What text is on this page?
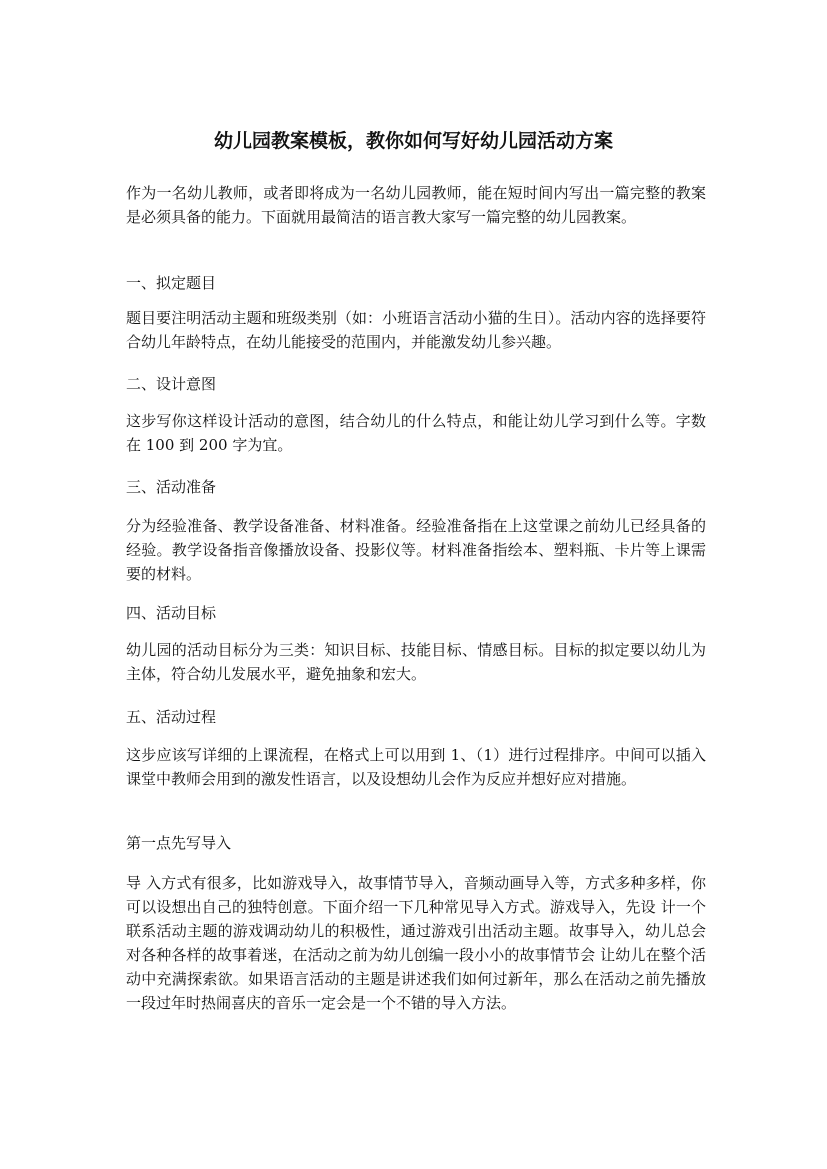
幼儿园教案模板，教你如何写好幼儿园活动方案

作为一名幼儿教师，或者即将成为一名幼儿园教师，能在短时间内写出一篇完整的教案是必须具备的能力。下面就用最简洁的语言教大家写一篇完整的幼儿园教案。

一、拟定题目

题目要注明活动主题和班级类别（如：小班语言活动小猫的生日）。活动内容的选择要符合幼儿年龄特点，在幼儿能接受的范围内，并能激发幼儿参兴趣。

二、设计意图

这步写你这样设计活动的意图，结合幼儿的什么特点，和能让幼儿学习到什么等。字数在 100 到 200 字为宜。

三、活动准备

分为经验准备、教学设备准备、材料准备。经验准备指在上这堂课之前幼儿已经具备的经验。教学设备指音像播放设备、投影仪等。材料准备指绘本、塑料瓶、卡片等上课需要的材料。

四、活动目标

幼儿园的活动目标分为三类：知识目标、技能目标、情感目标。目标的拟定要以幼儿为主体，符合幼儿发展水平，避免抽象和宏大。

五、活动过程

这步应该写详细的上课流程，在格式上可以用到 1、（1）进行过程排序。中间可以插入课堂中教师会用到的激发性语言，以及设想幼儿会作为反应并想好应对措施。

第一点先写导入

导 入方式有很多，比如游戏导入，故事情节导入，音频动画导入等，方式多种多样，你可以设想出自己的独特创意。下面介绍一下几种常见导入方式。游戏导入，先设 计一个联系活动主题的游戏调动幼儿的积极性，通过游戏引出活动主题。故事导入，幼儿总会对各种各样的故事着迷，在活动之前为幼儿创编一段小小的故事情节会 让幼儿在整个活动中充满探索欲。如果语言活动的主题是讲述我们如何过新年，那么在活动之前先播放一段过年时热闹喜庆的音乐一定会是一个不错的导入方法。
